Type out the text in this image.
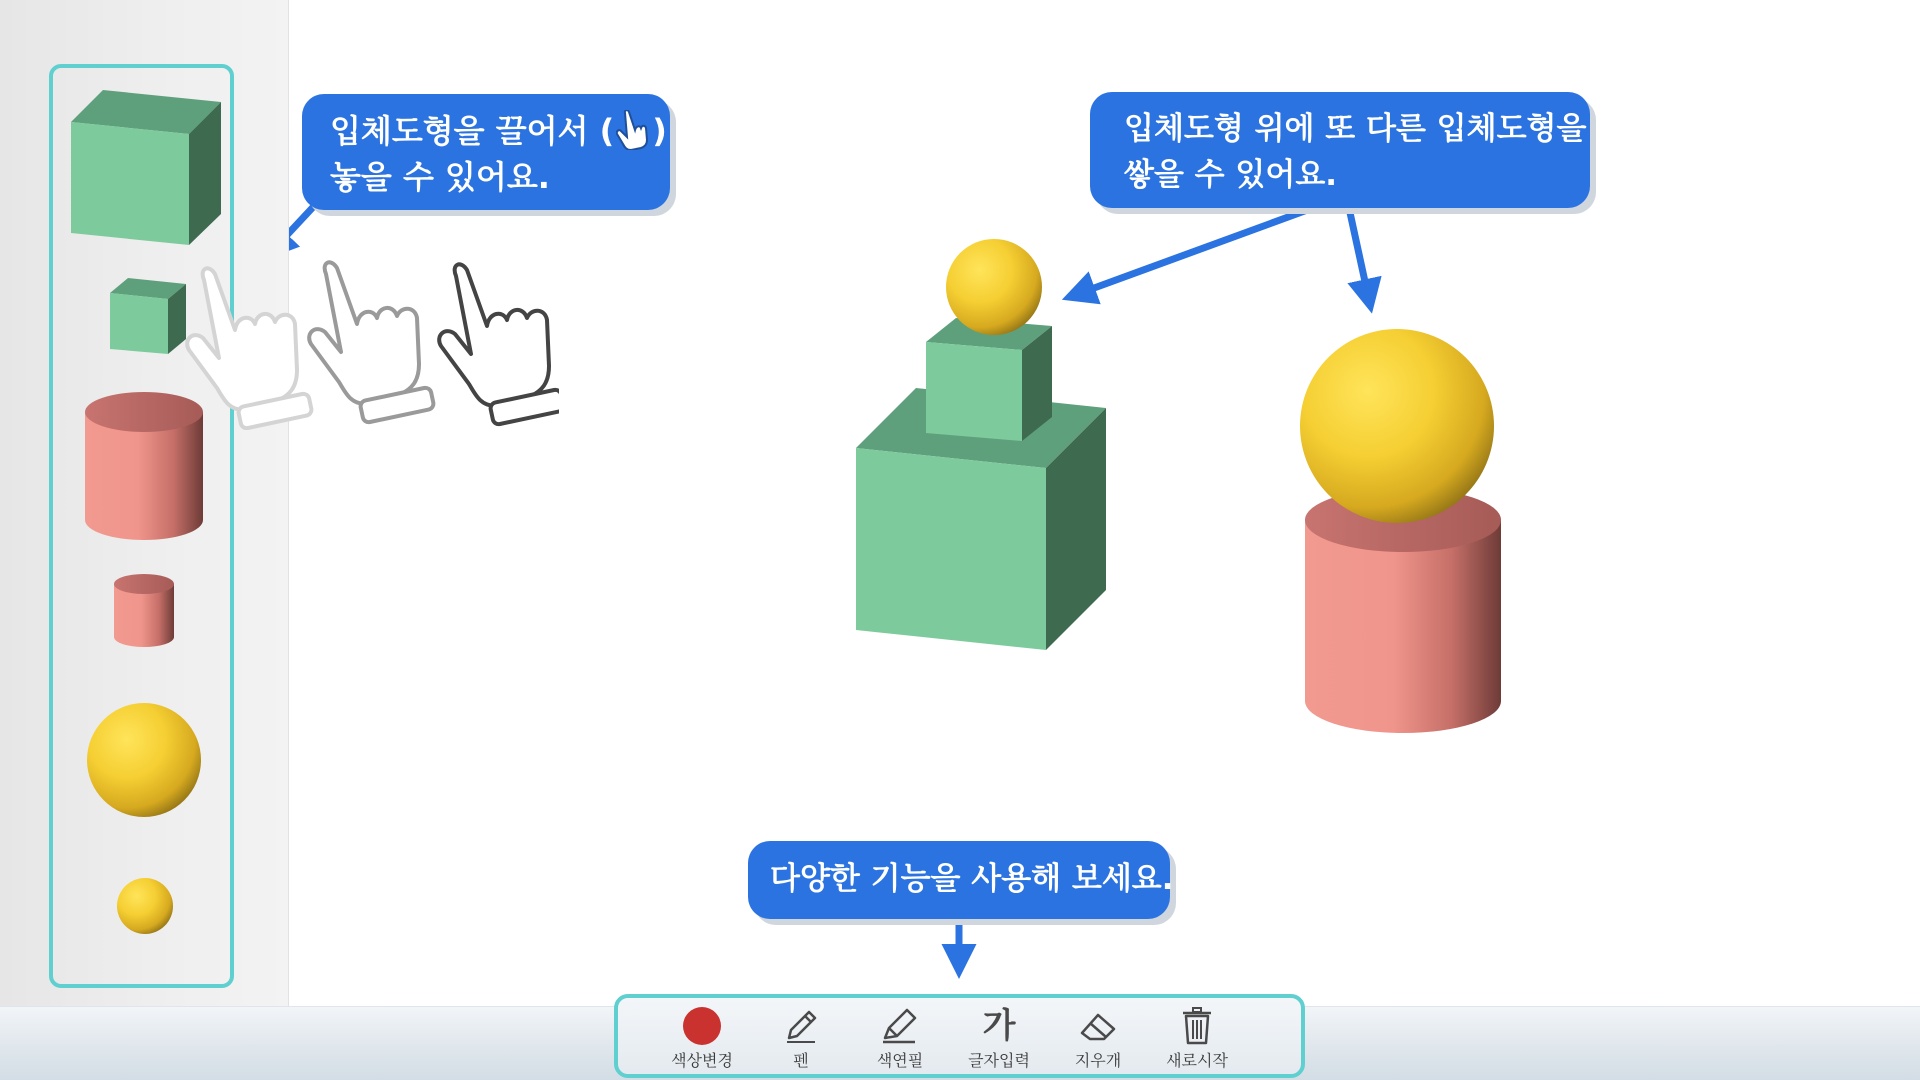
입체도형을 끌어서 ( )
놓을 수 있어요.
입체도형 위에 또 다른 입체도형을
쌓을 수 있어요.
다양한 기능을 사용해 보세요.
색상변경	펜	색연필
가
글자입력	지우개	새로시작
